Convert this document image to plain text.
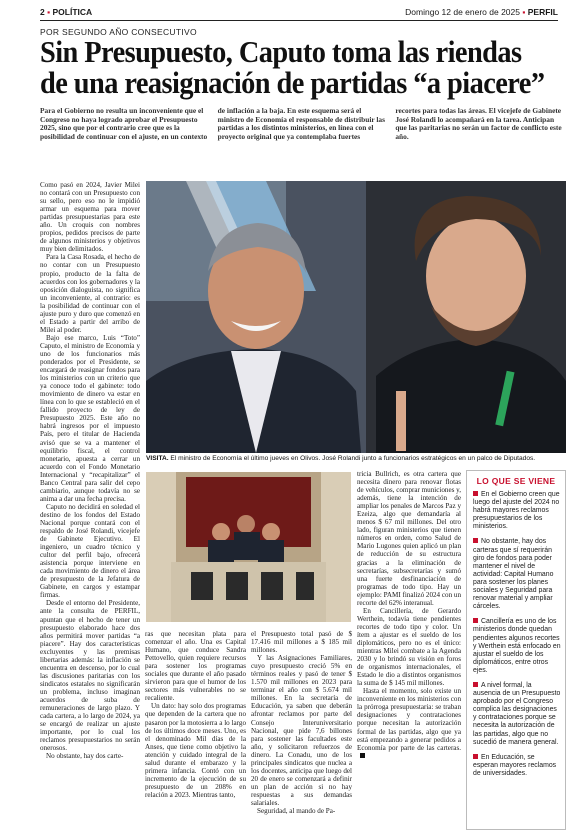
2 ▪ POLÍTICA	Domingo 12 de enero de 2025 ▪ PERFIL
POR SEGUNDO AÑO CONSECUTIVO
Sin Presupuesto, Caputo toma las riendas
de una reasignación de partidas “a piacere”

Para el Gobierno no resulta un inconveniente que el Congreso no haya logrado aprobar el Presupuesto 2025, sino que por el contrario cree que es la posibilidad de continuar con el ajuste, en un contexto de inflación a la baja. En este esquema será el ministro de Economía el responsable de distribuir las partidas a los distintos ministerios, en línea con el proyecto original que ya contemplaba fuertes recortes para todas las áreas. El vicejefe de Gabinete José Rolandi lo acompañará en la tarea. Anticipan que las paritarias no serán un factor de conflicto este año.

Como pasó en 2024, Javier Milei no contará con un Presupuesto con su sello, pero eso no le impidió armar un esquema para mover partidas presupuestarias para este año. Un croquis con nombres propios, pedidos precisos de parte de algunos ministerios y objetivos muy bien delimitados.

Para la Casa Rosada, el hecho de no contar con un Presupuesto propio, producto de la falta de acuerdos con los gobernadores y la oposición dialoguista, no significa un inconveniente, al contrario: es la posibilidad de continuar con el ajuste puro y duro que comenzó en el Estado a partir del arribo de Milei al poder.

Bajo ese marco, Luis “Toto” Caputo, el ministro de Economía y uno de los funcionarios más ponderados por el Presidente, se encargará de reasignar fondos para los ministerios con un criterio que ya conoce todo el gabinete: todo movimiento de dinero va estar en línea con lo que se estableció en el fallido proyecto de ley de Presupuesto 2025. Este año no habrá ingresos por el impuesto País, pero el titular de Hacienda avisó que se va a mantener el equilibrio fiscal, el control monetario, apuesta a cerrar un acuerdo con el Fondo Monetario Internacional y “recapitalizar” el Banco Central para salir del cepo cambiario, aunque todavía no se anima a dar una fecha precisa.

Caputo no decidirá en soledad el destino de los fondos del Estado Nacional porque contará con el respaldo de José Rolandi, vicejefe de Gabinete Ejecutivo. El ingeniero, un cuadro técnico y cultor del perfil bajo, ofrecerá asistencia porque interviene en cada movimiento de dinero el área de presupuesto de la Jefatura de Gabinete, en cargos y estampar firmas.

Desde el entorno del Presidente, ante la consulta de PERFIL, apuntan que el hecho de tener un presupuesto elaborado hace dos años permitirá mover partidas “a piacere”. Hay dos características excluyentes y las premisas libertarias además: la inflación se encuentra en descenso, por lo cual las discusiones paritarias con los sindicatos estatales no significarán un problema, incluso imaginan acuerdos de suba de remuneraciones de largo plazo. Y cada cartera, a lo largo de 2024, ya se encargó de realizar un ajuste importante, por lo cual los reclamos presupuestarios no serán onerosos.

No obstante, hay dos carte-

VISITA. El ministro de Economía el último jueves en Olivos. José Rolandi junto a funcionarios estratégicos en un palco de Diputados.

ras que necesitan plata para comenzar el año. Una es Capital Humano, que conduce Sandra Pettovello, quien requiere recursos para sostener los programas sociales que durante el año pasado sirvieron para que el humor de los sectores más vulnerables no se recaliente.

Un dato: hay solo dos programas que dependen de la cartera que no pasaron por la motosierra a lo largo de los últimos doce meses. Uno, es el denominado Mil días de la Anses, que tiene como objetivo la atención y cuidado integral de la salud durante el embarazo y la primera infancia. Contó con un incremento de la ejecución de su presupuesto de un 208% en relación a 2023. Mientras tanto,

el Presupuesto total pasó de $ 17.416 mil millones a $ 185 mil millones.

Y las Asignaciones Familiares, cuyo presupuesto creció 5% en términos reales y pasó de tener $ 1.570 mil millones en 2023 para terminar el año con $ 5.674 mil millones. En la secretaría de Educación, ya saben que deberán afrontar reclamos por parte del Consejo Interuniversitario Nacional, que pide 7,6 billones para sostener las facultades este año, y solicitaron refuerzos de dinero. La Conadu, uno de los principales sindicatos que nuclea a los docentes, anticipa que luego del 20 de enero se comenzará a definir un plan de acción si no hay respuestas a sus demandas salariales.

Seguridad, al mando de Pa-

tricia Bullrich, es otra cartera que necesita dinero para renovar flotas de vehículos, comprar municiones y, además, tiene la intención de ampliar los penales de Marcos Paz y Ezeiza, algo que demandaría al menos $ 67 mil millones. Del otro lado, figuran ministerios que tienen números en orden, como Salud de Mario Lugones quien aplicó un plan de reducción de su estructura gracias a la eliminación de secretarías, subsecretarías y sumó una fuerte desfinanciación de programas de todo tipo. Hay un ejemplo: PAMI finalizó 2024 con un recorte del 62% interanual.

En Cancillería, de Gerardo Werthein, todavía tiene pendientes recortes de todo tipo y color. Un ítem a ajustar es el sueldo de los diplomáticos, pero no es el único: mientras Milei combate a la Agenda 2030 y lo brindó su visión en foros de organismos internacionales, el Estado le dio a distintos organismos la suma de $ 145 mil millones.

Hasta el momento, solo existe un inconveniente en los ministerios con la prórroga presupuestaria: se traban designaciones y contrataciones porque necesitan la autorización formal de las partidas, algo que ya está empezando a generar pedidos a Economía por parte de las carteras.

LO QUE SE VIENE
En el Gobierno creen que luego del ajuste del 2024 no habrá mayores reclamos presupuestarios de los ministerios.
No obstante, hay dos carteras que sí requerirán giro de fondos para poder mantener el nivel de actividad: Capital Humano para sostener los planes sociales y Seguridad para renovar material y ampliar cárceles.
Cancillería es uno de los ministerios donde quedan pendientes algunos recortes y Werthein está enfocado en ajustar el sueldo de los diplomáticos, entre otros ejes.
A nivel formal, la ausencia de un Presupuesto aprobado por el Congreso complica las designaciones y contrataciones porque se necesita la autorización de las partidas, algo que no sucedió de manera general.
En Educación, se esperan mayores reclamos de universidades.
